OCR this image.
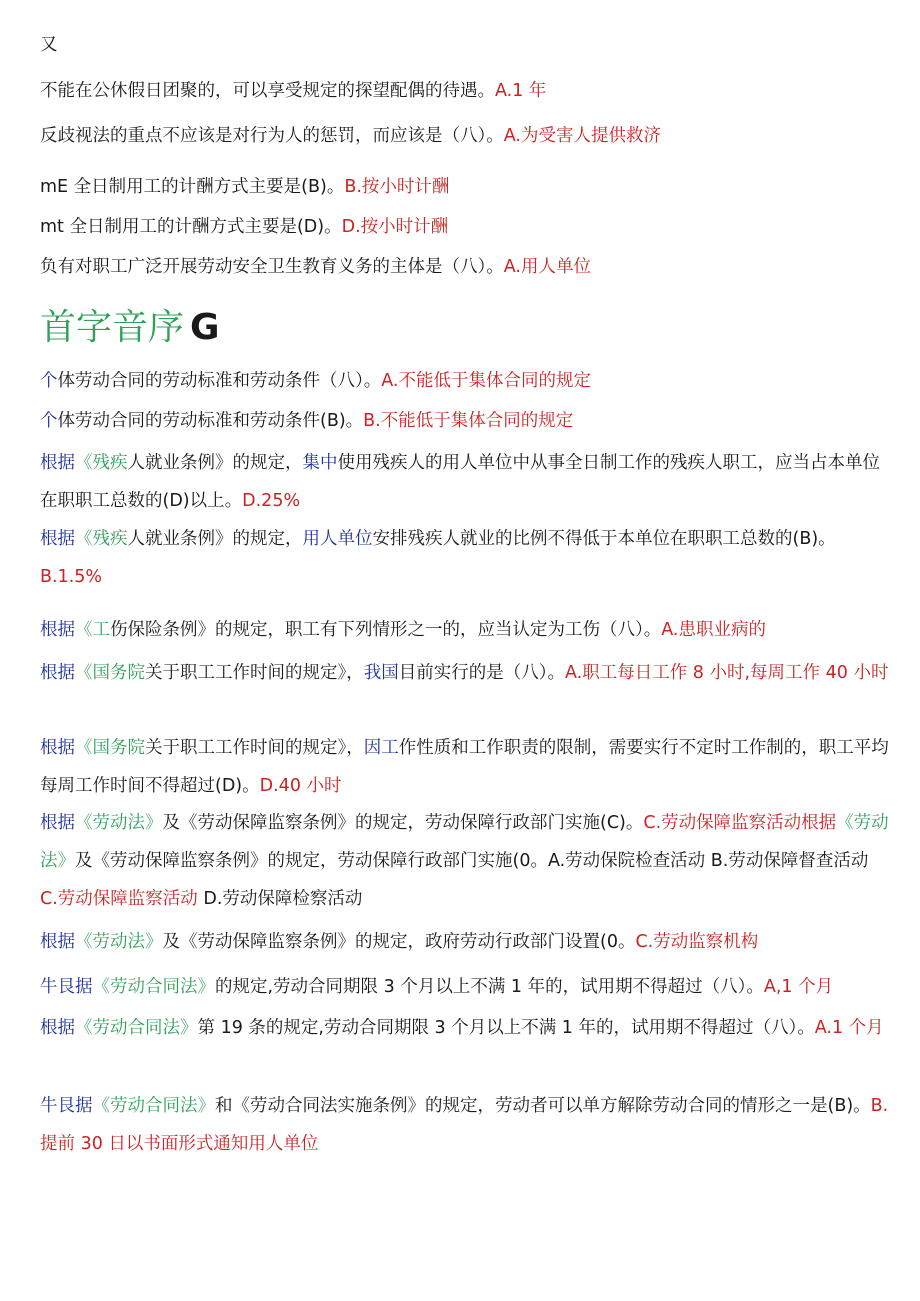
又
不能在公休假日团聚的，可以享受规定的探望配偶的待遇。A.1 年
反歧视法的重点不应该是对行为人的惩罚，而应该是（八）。A.为受害人提供救济
mE 全日制用工的计酬方式主要是(B)。B.按小时计酬
mt 全日制用工的计酬方式主要是(D)。D.按小时计酬
负有对职工广泛开展劳动安全卫生教育义务的主体是（八）。A.用人单位
首字音序 G
个体劳动合同的劳动标准和劳动条件（八）。A.不能低于集体合同的规定
个体劳动合同的劳动标准和劳动条件(B)。B.不能低于集体合同的规定
根据《残疾人就业条例》的规定，集中使用残疾人的用人单位中从事全日制工作的残疾人职工，应当占本单位在职职工总数的(D)以上。D.25%
根据《残疾人就业条例》的规定，用人单位安排残疾人就业的比例不得低于本单位在职职工总数的(B)。B.1.5%
根据《工伤保险条例》的规定，职工有下列情形之一的，应当认定为工伤（八）。A.患职业病的
根据《国务院关于职工工作时间的规定》，我国目前实行的是（八）。A.职工每日工作 8 小时,每周工作 40 小时
根据《国务院关于职工工作时间的规定》，因工作性质和工作职责的限制，需要实行不定时工作制的，职工平均每周工作时间不得超过(D)。D.40 小时
根据《劳动法》及《劳动保障监察条例》的规定，劳动保障行政部门实施(C)。C.劳动保障监察活动根据《劳动法》及《劳动保障监察条例》的规定，劳动保障行政部门实施(0。A.劳动保院检查活动 B.劳动保障督查活动 C.劳动保障监察活动 D.劳动保障检察活动
根据《劳动法》及《劳动保障监察条例》的规定，政府劳动行政部门设置(0。C.劳动监察机构
牛艮据《劳动合同法》的规定,劳动合同期限 3 个月以上不满 1 年的，试用期不得超过（八）。A,1 个月
根据《劳动合同法》第 19 条的规定,劳动合同期限 3 个月以上不满 1 年的，试用期不得超过（八）。A.1 个月
牛艮据《劳动合同法》和《劳动合同法实施条例》的规定，劳动者可以单方解除劳动合同的情形之一是(B)。B.提前 30 日以书面形式通知用人单位
